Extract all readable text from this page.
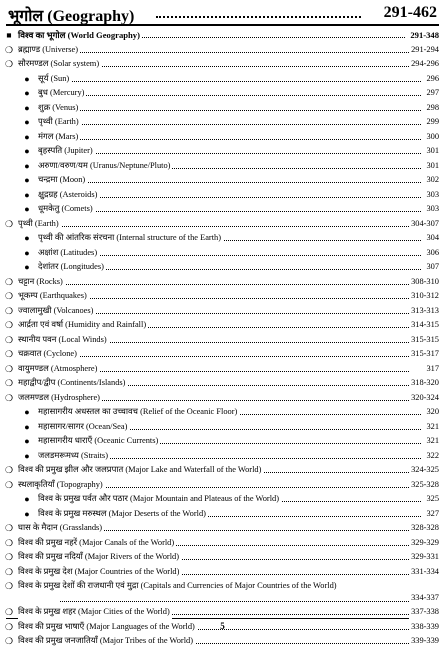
भूगोल (Geography)	291-462
■ विश्व का भूगोल (World Geography)	291-348
❍ ब्रह्माण्ड (Universe)	291-294
❍ सौरमण्डल (Solar system)	294-296
● सूर्य (Sun)	296
● बुध (Mercury)	297
● शुक्र (Venus)	298
● पृथ्वी (Earth)	299
● मंगल (Mars)	300
● बृहस्पति (Jupiter)	301
● अरुणा/वरुण/यम (Uranus/Neptune/Pluto)	301
● चन्द्रमा (Moon)	302
● क्षुद्रग्रह (Asteroids)	303
● धूमकेतु (Comets)	303
❍ पृथ्वी (Earth)	304-307
● पृथ्वी की आंतरिक संरचना (Internal structure of the Earth)	304
● अक्षांश (Latitudes)	306
● देशांतर (Longitudes)	307
❍ चट्टान (Rocks)	308-310
❍ भूकम्प (Earthquakes)	310-312
❍ ज्वालामुखी (Volcanoes)	313-313
❍ आर्द्रता एवं वर्षा (Humidity and Rainfall)	314-315
❍ स्थानीय पवन (Local Winds)	315-315
❍ चक्रवात (Cyclone)	315-317
❍ वायुमण्डल (Atmosphere)	317
❍ महाद्वीप/द्वीप (Continents/Islands)	318-320
❍ जलमण्डल (Hydrosphere)	320-324
● महासागरीय अधस्तल का उच्चावच (Relief of the Oceanic Floor)	320
● महासागर/सागर (Ocean/Sea)	321
● महासागरीय धाराएँ (Oceanic Currents)	321
● जलडमरूमध्य (Straits)	322
❍ विश्व की प्रमुख झील और जलप्रपात (Major Lake and Waterfall of the World)	324-325
❍ स्थलाकृतियाँ (Topography)	325-328
● विश्व के प्रमुख पर्वत और पठार (Major Mountain and Plateaus of the World)	325
● विश्व के प्रमुख मरुस्थल (Major Deserts of the World)	327
❍ घास के मैदान (Grasslands)	328-328
❍ विश्व की प्रमुख नहरें (Major Canals of the World)	329-329
❍ विश्व की प्रमुख नदियाँ (Major Rivers of the World)	329-331
❍ विश्व के प्रमुख देश (Major Countries of the World)	331-334
❍ विश्व के प्रमुख देशों की राजधानी एवं मुद्रा (Capitals and Currencies of Major Countries of the World)
334-337
❍ विश्व के प्रमुख शहर (Major Cities of the World)	337-338
❍ विश्व की प्रमुख भाषाएँ (Major Languages of the World)	338-339
❍ विश्व की प्रमुख जनजातियाँ (Major Tribes of the World)	339-339
5
